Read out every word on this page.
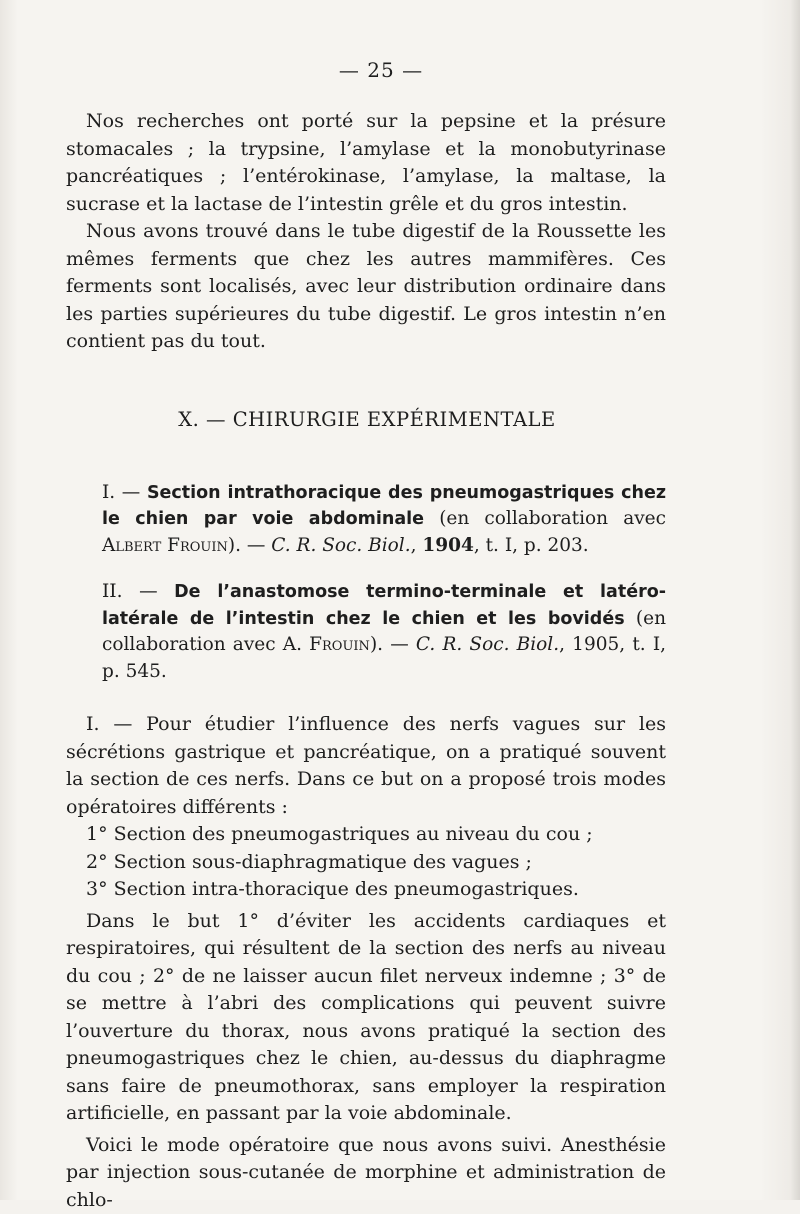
— 25 —

Nos recherches ont porté sur la pepsine et la présure stomacales ; la trypsine, l’amylase et la monobutyrinase pancréatiques ; l’entérokinase, l’amylase, la maltase, la sucrase et la lactase de l’intestin grêle et du gros intestin.

Nous avons trouvé dans le tube digestif de la Roussette les mêmes ferments que chez les autres mammifères. Ces ferments sont localisés, avec leur distribution ordinaire dans les parties supérieures du tube digestif. Le gros intestin n’en contient pas du tout.

X. — CHIRURGIE EXPÉRIMENTALE
I. — Section intrathoracique des pneumogastriques chez le chien par voie abdominale (en collaboration avec Albert Frouin). — C. R. Soc. Biol., 1904, t. I, p. 203.
II. — De l’anastomose termino-terminale et latéro-latérale de l’intestin chez le chien et les bovidés (en collaboration avec A. Frouin). — C. R. Soc. Biol., 1905, t. I, p. 545.

I. — Pour étudier l’influence des nerfs vagues sur les sécrétions gastrique et pancréatique, on a pratiqué souvent la section de ces nerfs. Dans ce but on a proposé trois modes opératoires différents :

1° Section des pneumogastriques au niveau du cou ;
2° Section sous-diaphragmatique des vagues ;
3° Section intra-thoracique des pneumogastriques.

Dans le but 1° d’éviter les accidents cardiaques et respiratoires, qui résultent de la section des nerfs au niveau du cou ; 2° de ne laisser aucun filet nerveux indemne ; 3° de se mettre à l’abri des complications qui peuvent suivre l’ouverture du thorax, nous avons pratiqué la section des pneumogastriques chez le chien, au-dessus du diaphragme sans faire de pneumothorax, sans employer la respiration artificielle, en passant par la voie abdominale.

Voici le mode opératoire que nous avons suivi. Anesthésie par injection sous-cutanée de morphine et administration de chlo-
